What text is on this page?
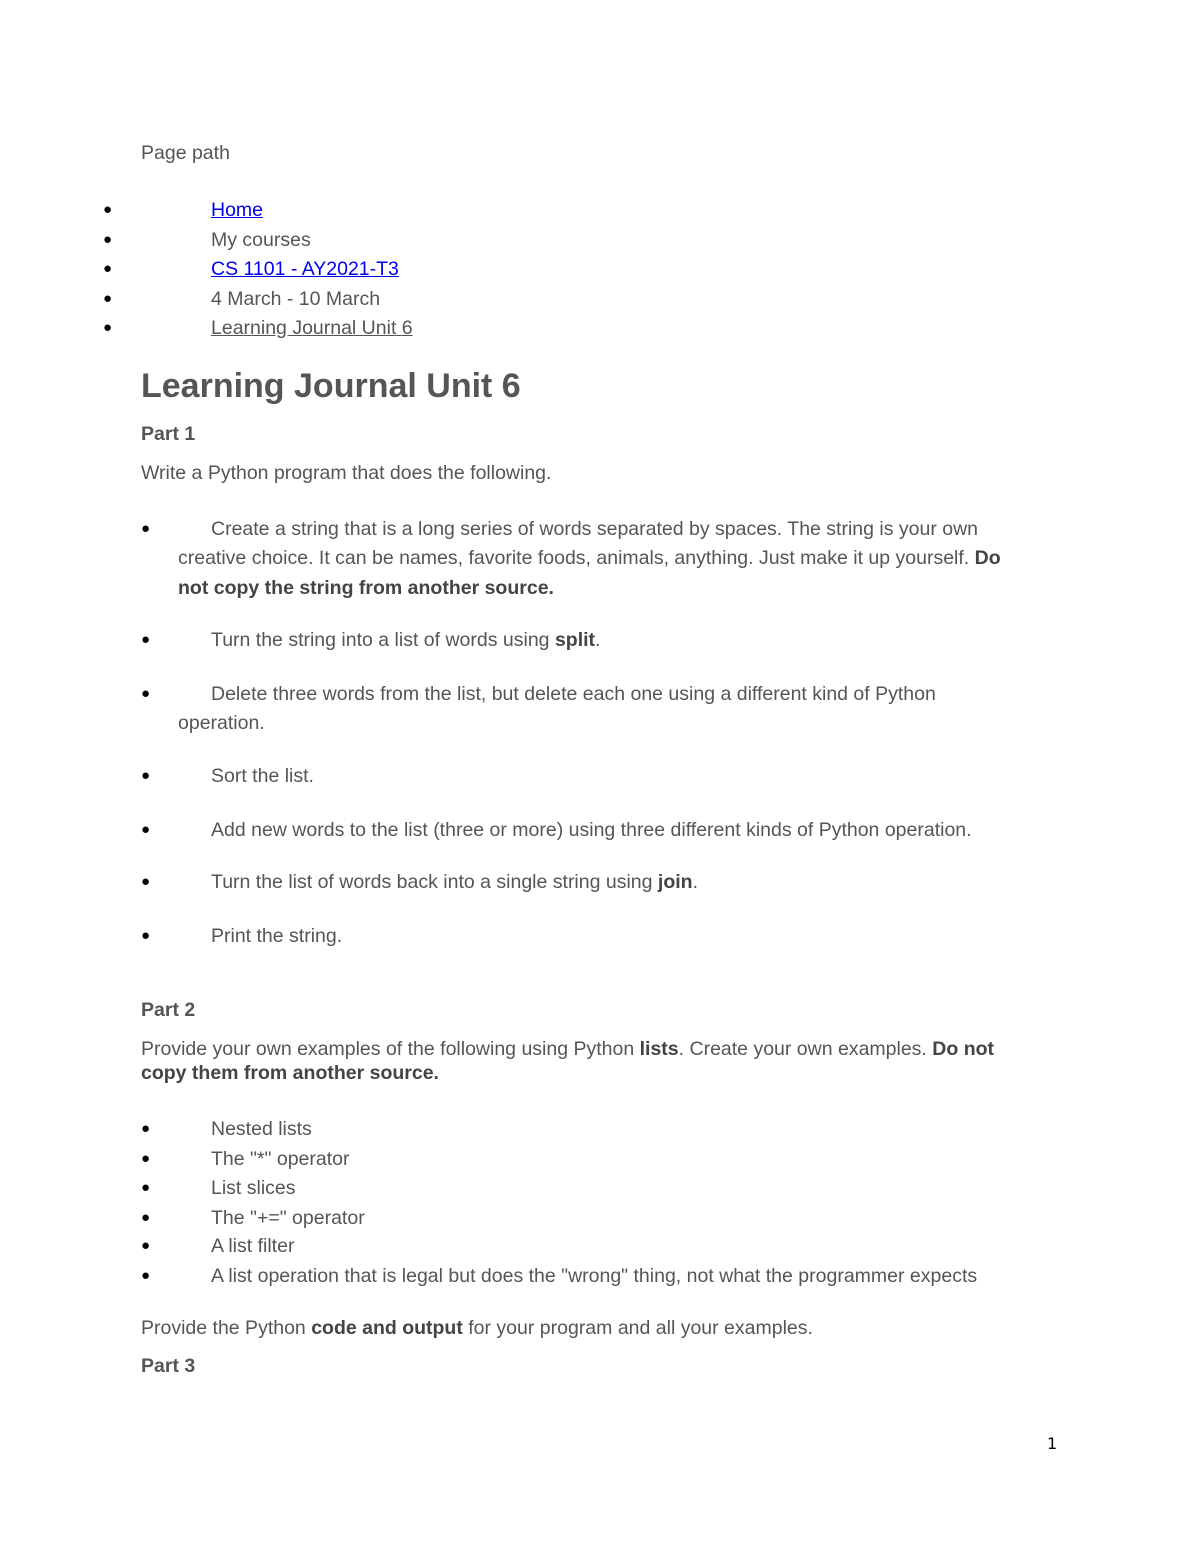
Page path
●	Home
●	My courses
●	CS 1101 - AY2021-T3
●	4 March - 10 March
●	Learning Journal Unit 6
Learning Journal Unit 6
Part 1
Write a Python program that does the following.
●	Create a string that is a long series of words separated by spaces. The string is your own
creative choice. It can be names, favorite foods, animals, anything. Just make it up yourself. Do
not copy the string from another source.
●	Turn the string into a list of words using split.
●	Delete three words from the list, but delete each one using a different kind of Python
operation.
●	Sort the list.
●	Add new words to the list (three or more) using three different kinds of Python operation.
●	Turn the list of words back into a single string using join.
●	Print the string.
Part 2
Provide your own examples of the following using Python lists. Create your own examples. Do not
copy them from another source.
●	Nested lists
●	The "*" operator
●	List slices
●	The "+=" operator
●	A list filter
●	A list operation that is legal but does the "wrong" thing, not what the programmer expects
Provide the Python code and output for your program and all your examples.
Part 3
1
